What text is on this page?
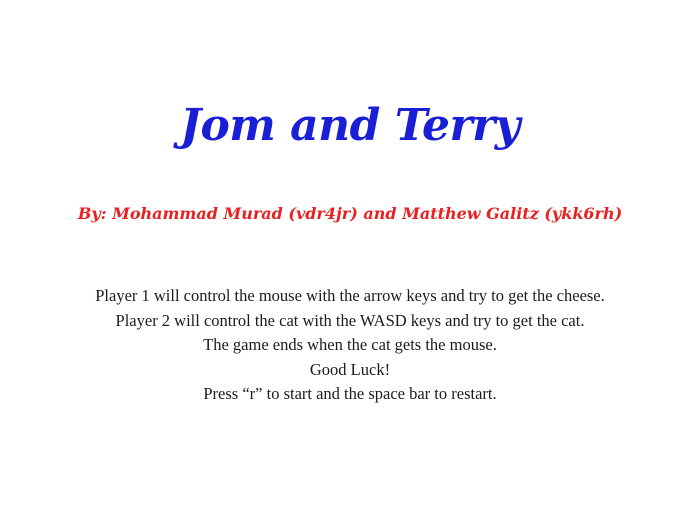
Jom and Terry
By: Mohammad Murad (vdr4jr) and Matthew Galitz (ykk6rh)
Player 1 will control the mouse with the arrow keys and try to get the cheese.
Player 2 will control the cat with the WASD keys and try to get the cat.
The game ends when the cat gets the mouse.
Good Luck!
Press “r” to start and the space bar to restart.
